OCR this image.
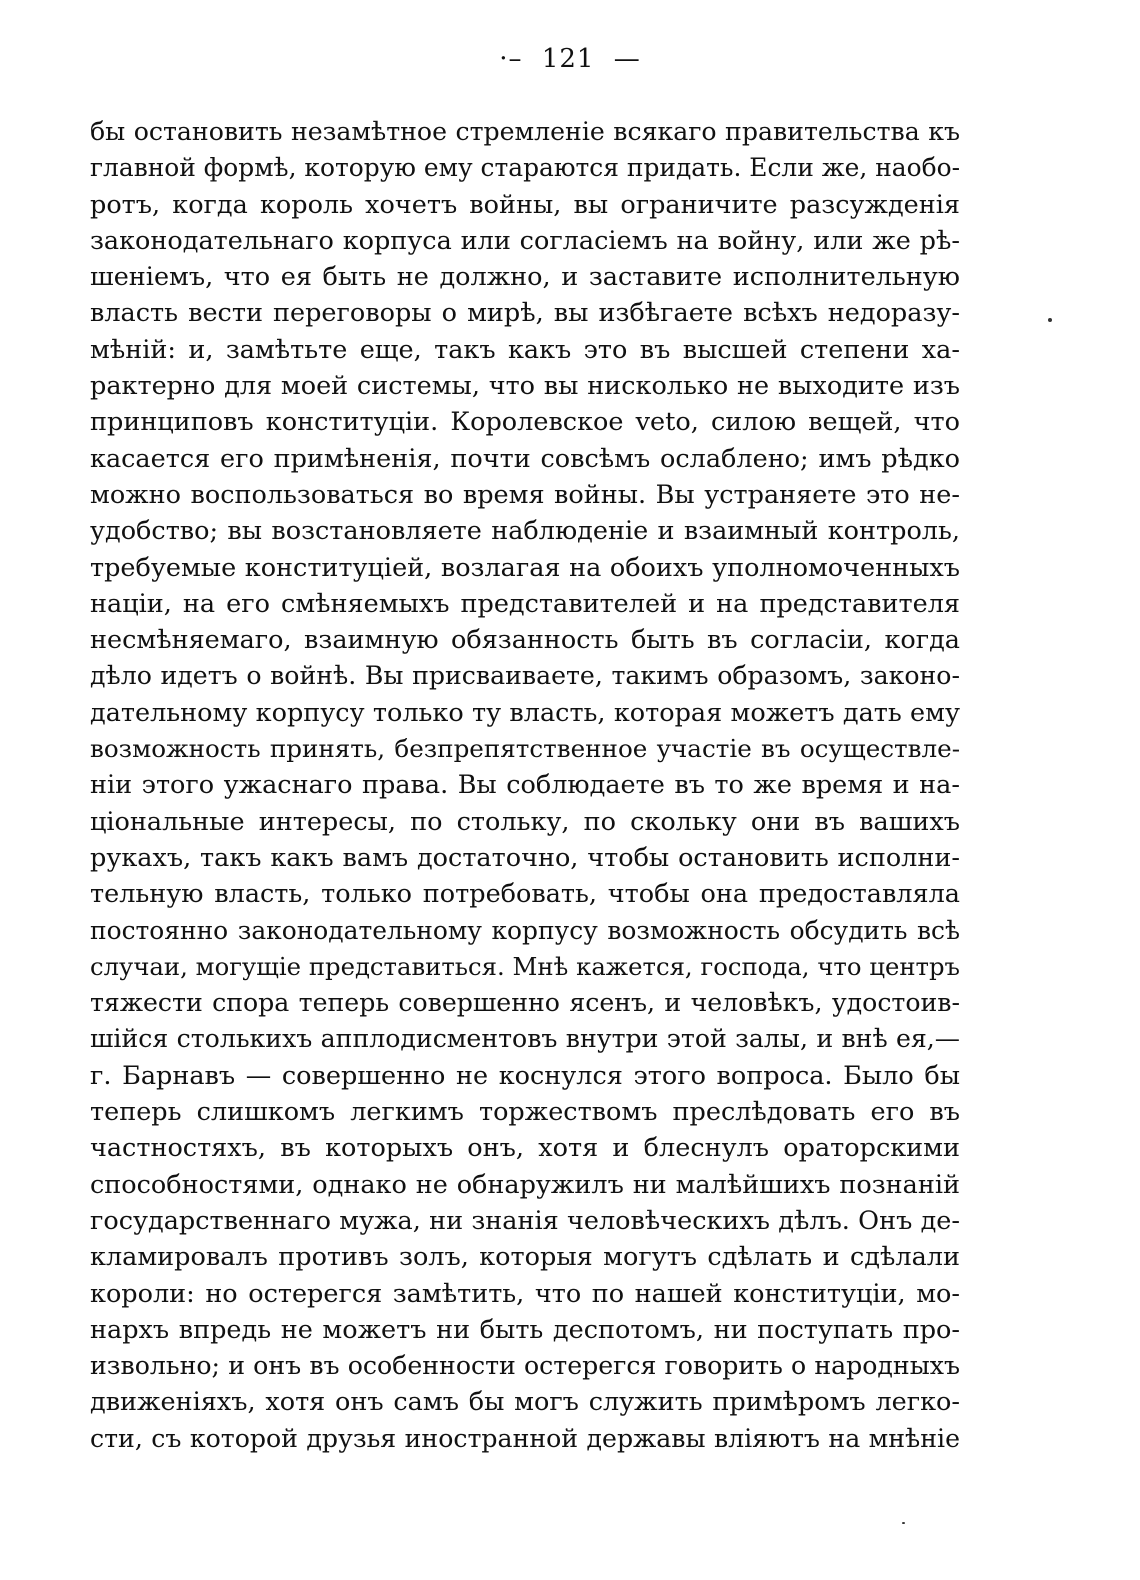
·– 121 —
бы остановить незамѣтное стремленіе всякаго правительства къ
главной формѣ, которую ему стараются придать. Если же, наобо-
ротъ, когда король хочетъ войны, вы ограничите разсужденія
законодательнаго корпуса или согласіемъ на войну, или же рѣ-
шеніемъ, что ея быть не должно, и заставите исполнительную
власть вести переговоры о мирѣ, вы избѣгаете всѣхъ недоразу-
мѣній: и, замѣтьте еще, такъ какъ это въ высшей степени ха-
рактерно для моей системы, что вы нисколько не выходите изъ
принциповъ конституціи. Королевское veto, силою вещей, что
касается его примѣненія, почти совсѣмъ ослаблено; имъ рѣдко
можно воспользоваться во время войны. Вы устраняете это не-
удобство; вы возстановляете наблюденіе и взаимный контроль,
требуемые конституціей, возлагая на обоихъ уполномоченныхъ
націи, на его смѣняемыхъ представителей и на представителя
несмѣняемаго, взаимную обязанность быть въ согласіи, когда
дѣло идетъ о войнѣ. Вы присваиваете, такимъ образомъ, законо-
дательному корпусу только ту власть, которая можетъ дать ему
возможность принять, безпрепятственное участіе въ осуществле-
ніи этого ужаснаго права. Вы соблюдаете въ то же время и на-
ціональные интересы, по стольку, по скольку они въ вашихъ
рукахъ, такъ какъ вамъ достаточно, чтобы остановить исполни-
тельную власть, только потребовать, чтобы она предоставляла
постоянно законодательному корпусу возможность обсудить всѣ
случаи, могущіе представиться. Мнѣ кажется, господа, что центръ
тяжести спора теперь совершенно ясенъ, и человѣкъ, удостоив-
шійся столькихъ апплодисментовъ внутри этой залы, и внѣ ея,—
г. Барнавъ — совершенно не коснулся этого вопроса. Было бы
теперь слишкомъ легкимъ торжествомъ преслѣдовать его въ
частностяхъ, въ которыхъ онъ, хотя и блеснулъ ораторскими
способностями, однако не обнаружилъ ни малѣйшихъ познаній
государственнаго мужа, ни знанія человѣческихъ дѣлъ. Онъ де-
кламировалъ противъ золъ, которыя могутъ сдѣлать и сдѣлали
короли: но остерегся замѣтить, что по нашей конституціи, мо-
нархъ впредь не можетъ ни быть деспотомъ, ни поступать про-
извольно; и онъ въ особенности остерегся говорить о народныхъ
движеніяхъ, хотя онъ самъ бы могъ служить примѣромъ легко-
сти, съ которой друзья иностранной державы вліяютъ на мнѣніе
